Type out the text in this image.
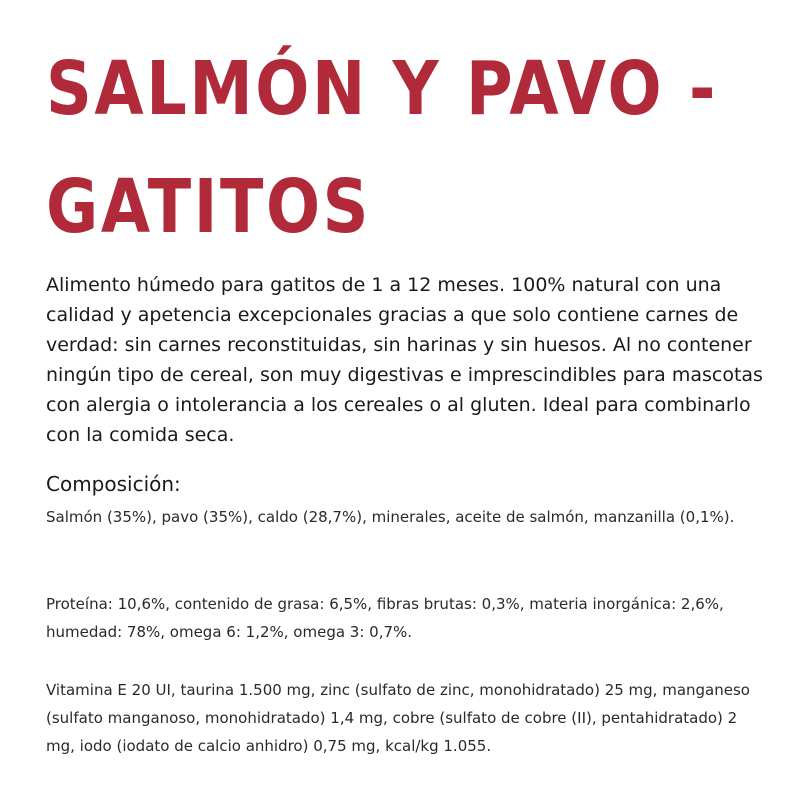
SALMÓN Y PAVO -
GATITOS

Alimento húmedo para gatitos de 1 a 12 meses. 100% natural con una calidad y apetencia excepcionales gracias a que solo contiene carnes de verdad: sin carnes reconstituidas, sin harinas y sin huesos. Al no contener ningún tipo de cereal, son muy digestivas e imprescindibles para mascotas con alergia o intolerancia a los cereales o al gluten. Ideal para combinarlo con la comida seca.

Composición:

Salmón (35%), pavo (35%), caldo (28,7%), minerales, aceite de salmón, manzanilla (0,1%).

Proteína: 10,6%, contenido de grasa: 6,5%, fibras brutas: 0,3%, materia inorgánica: 2,6%, humedad: 78%, omega 6: 1,2%, omega 3: 0,7%.

Vitamina E 20 UI, taurina 1.500 mg, zinc (sulfato de zinc, monohidratado) 25 mg, manganeso (sulfato manganoso, monohidratado) 1,4 mg, cobre (sulfato de cobre (II), pentahidratado) 2 mg, iodo (iodato de calcio anhidro) 0,75 mg, kcal/kg 1.055.
